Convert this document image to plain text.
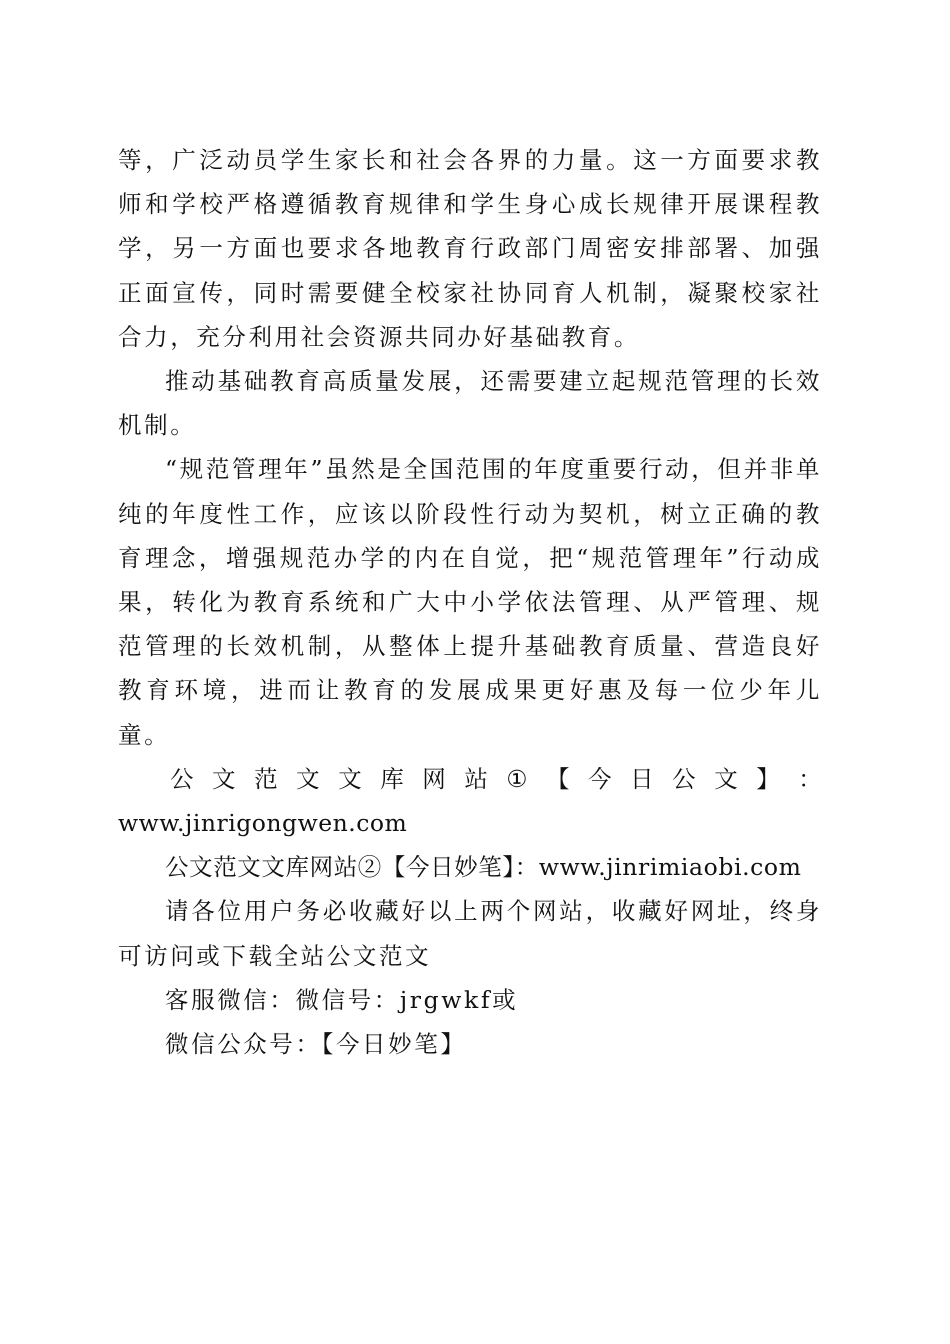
等，广泛动员学生家长和社会各界的力量。这一方面要求教师和学校严格遵循教育规律和学生身心成长规律开展课程教学，另一方面也要求各地教育行政部门周密安排部署、加强正面宣传，同时需要健全校家社协同育人机制，凝聚校家社合力，充分利用社会资源共同办好基础教育。

推动基础教育高质量发展，还需要建立起规范管理的长效机制。

“规范管理年”虽然是全国范围的年度重要行动，但并非单纯的年度性工作，应该以阶段性行动为契机，树立正确的教育理念，增强规范办学的内在自觉，把“规范管理年”行动成果，转化为教育系统和广大中小学依法管理、从严管理、规范管理的长效机制，从整体上提升基础教育质量、营造良好教育环境，进而让教育的发展成果更好惠及每一位少年儿童。

公 文 范 文 文 库 网 站 ① 【 今 日 公 文 】 ：

www.jinrigongwen.com

公文范文文库网站②【今日妙笔】：www.jinrimiaobi.com

请各位用户务必收藏好以上两个网站，收藏好网址，终身可访问或下载全站公文范文

客服微信：微信号：jrgwkf或

微信公众号：【今日妙笔】
